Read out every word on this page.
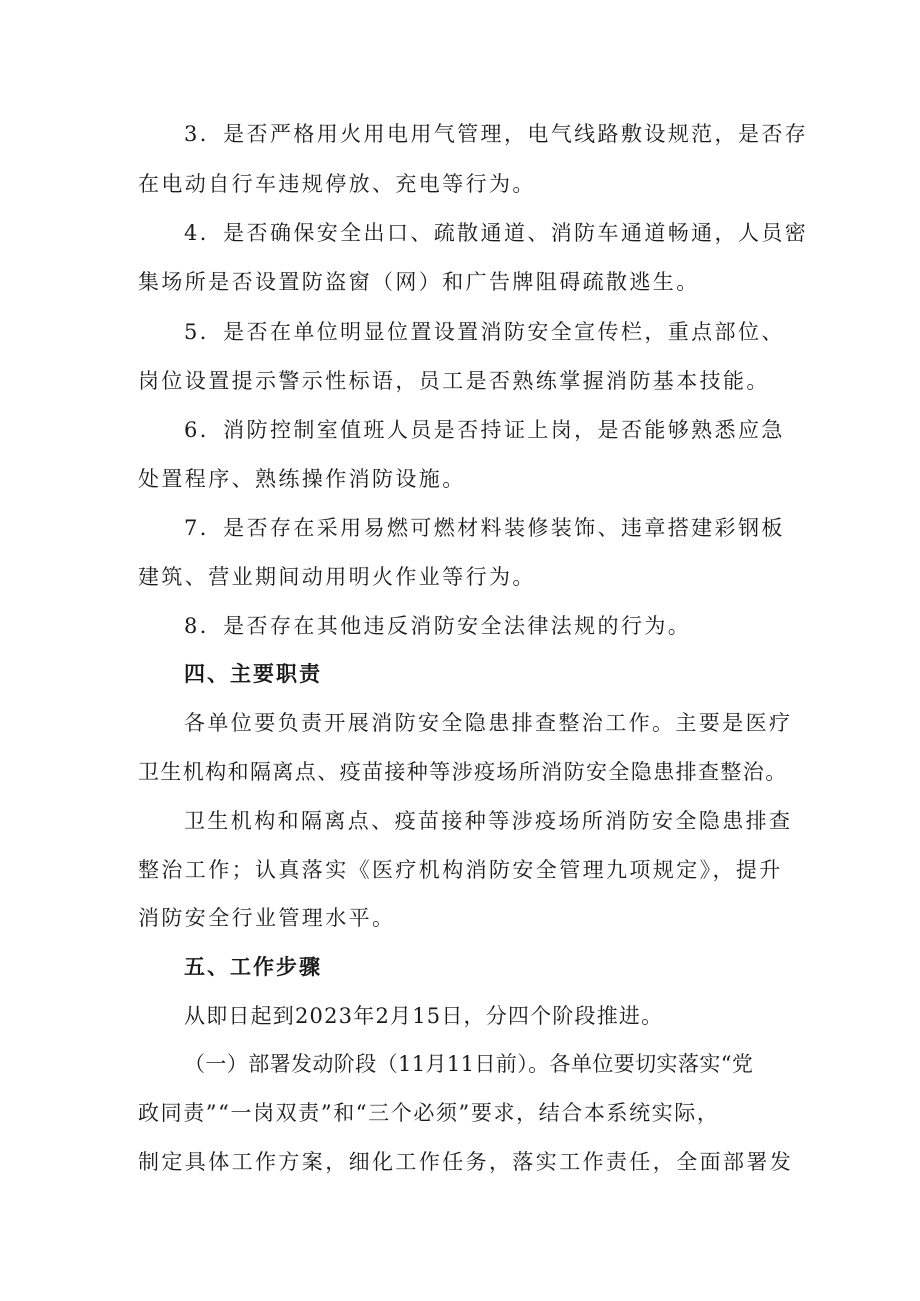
3．是否严格用火用电用气管理，电气线路敷设规范，是否存
在电动自行车违规停放、充电等行为。
4．是否确保安全出口、疏散通道、消防车通道畅通，人员密
集场所是否设置防盗窗（网）和广告牌阻碍疏散逃生。
5．是否在单位明显位置设置消防安全宣传栏，重点部位、
岗位设置提示警示性标语，员工是否熟练掌握消防基本技能。
6．消防控制室值班人员是否持证上岗，是否能够熟悉应急
处置程序、熟练操作消防设施。
7．是否存在采用易燃可燃材料装修装饰、违章搭建彩钢板
建筑、营业期间动用明火作业等行为。
8．是否存在其他违反消防安全法律法规的行为。
四、主要职责
各单位要负责开展消防安全隐患排查整治工作。主要是医疗
卫生机构和隔离点、疫苗接种等涉疫场所消防安全隐患排查整治。
卫生机构和隔离点、疫苗接种等涉疫场所消防安全隐患排查
整治工作；认真落实《医疗机构消防安全管理九项规定》，提升
消防安全行业管理水平。
五、工作步骤
从即日起到2023年2月15日，分四个阶段推进。
（一）部署发动阶段（11月11日前）。各单位要切实落实“党
政同责”“一岗双责”和“三个必须”要求，结合本系统实际，
制定具体工作方案，细化工作任务，落实工作责任，全面部署发
